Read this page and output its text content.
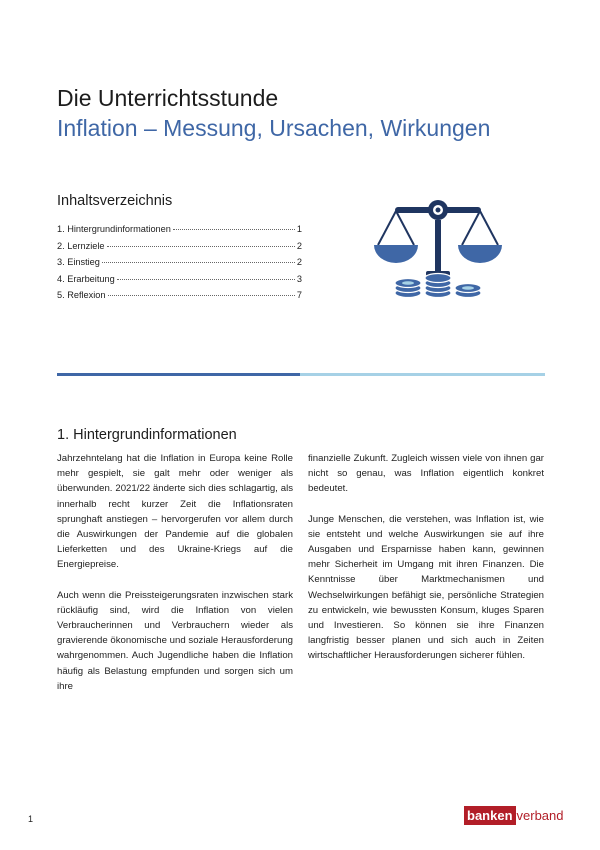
Die Unterrichtsstunde
Inflation – Messung, Ursachen, Wirkungen
Inhaltsverzeichnis
1. Hintergrundinformationen	1
2. Lernziele	2
3. Einstieg	2
4. Erarbeitung	3
5. Reflexion	7
1. Hintergrundinformationen

Jahrzehntelang hat die Inflation in Europa keine Rolle mehr gespielt, sie galt mehr oder weniger als überwunden. 2021/22 änderte sich dies schlagartig, als innerhalb recht kurzer Zeit die Inflationsraten sprunghaft anstiegen – hervorgerufen vor allem durch die Auswirkungen der Pandemie auf die globalen Lieferketten und des Ukraine-Kriegs auf die Energiepreise.

Auch wenn die Preissteigerungsraten inzwischen stark rückläufig sind, wird die Inflation von vielen Verbraucherinnen und Verbrauchern wieder als gravierende ökonomische und soziale Herausforderung wahrgenommen. Auch Jugendliche haben die Inflation häufig als Belastung empfunden und sorgen sich um ihre

finanzielle Zukunft. Zugleich wissen viele von ihnen gar nicht so genau, was Inflation eigentlich konkret bedeutet.

Junge Menschen, die verstehen, was Inflation ist, wie sie entsteht und welche Auswirkungen sie auf ihre Ausgaben und Ersparnisse haben kann, gewinnen mehr Sicherheit im Umgang mit ihren Finanzen. Die Kenntnisse über Marktmechanismen und Wechselwirkungen befähigt sie, persönliche Strategien zu entwickeln, wie bewussten Konsum, kluges Sparen und Investieren. So können sie ihre Finanzen langfristig besser planen und sich auch in Zeiten wirtschaftlicher Herausforderungen sicherer fühlen.

1	banken verband
